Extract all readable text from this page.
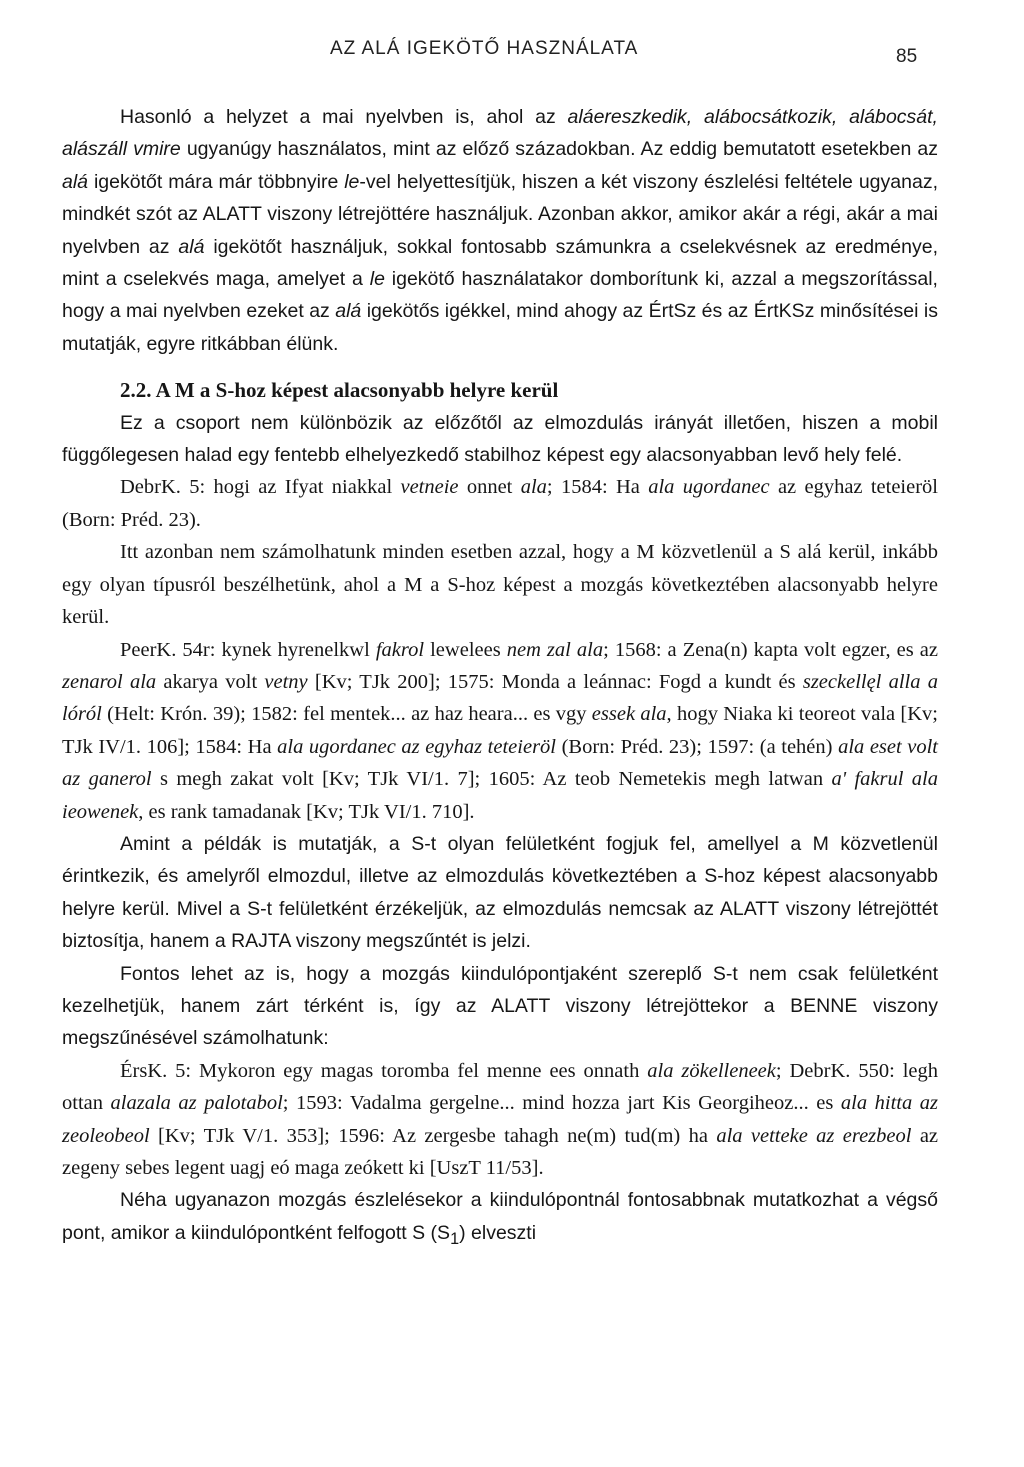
AZ ALÁ IGEKÖTŐ HASZNÁLATA	85

Hasonló a helyzet a mai nyelvben is, ahol az aláereszkedik, alábocsátkozik, alábocsát, alászáll vmire ugyanúgy használatos, mint az előző századokban. Az eddig bemutatott esetekben az alá igekötőt mára már többnyire le-vel helyettesítjük, hiszen a két viszony észlelési feltétele ugyanaz, mindkét szót az ALATT viszony létrejöttére használjuk. Azonban akkor, amikor akár a régi, akár a mai nyelvben az alá igekötőt használjuk, sokkal fontosabb számunkra a cselekvésnek az eredménye, mint a cselekvés maga, amelyet a le igekötő használatakor domborítunk ki, azzal a megszorítással, hogy a mai nyelvben ezeket az alá igekötős igékkel, mind ahogy az ÉrtSz és az ÉrtKSz minősítései is mutatják, egyre ritkábban élünk.

2.2. A M a S-hoz képest alacsonyabb helyre kerül

Ez a csoport nem különbözik az előzőtől az elmozdulás irányát illetően, hiszen a mobil függőlegesen halad egy fentebb elhelyezkedő stabilhoz képest egy alacsonyabban levő hely felé.

DebrK. 5: hogi az Ifyat niakkal vetneie onnet ala; 1584: Ha ala ugordanec az egyhaz teteieröl (Born: Préd. 23).

Itt azonban nem számolhatunk minden esetben azzal, hogy a M közvetlenül a S alá kerül, inkább egy olyan típusról beszélhetünk, ahol a M a S-hoz képest a mozgás következtében alacsonyabb helyre kerül.

PeerK. 54r: kynek hyrenelkwl fakrol lewelees nem zal ala; 1568: a Zena(n) kapta volt egzer, es az zenarol ala akarya volt vetny [Kv; TJk 200]; 1575: Monda a leánnac: Fogd a kundt és szeckellęl alla a lóról (Helt: Krón. 39); 1582: fel mentek... az haz heara... es vgy essek ala, hogy Niaka ki teoreot vala [Kv; TJk IV/1. 106]; 1584: Ha ala ugordanec az egyhaz teteieröl (Born: Préd. 23); 1597: (a tehén) ala eset volt az ganerol s megh zakat volt [Kv; TJk VI/1. 7]; 1605: Az teob Nemetekis megh latwan a' fakrul ala ieowenek, es rank tamadanak [Kv; TJk VI/1. 710].

Amint a példák is mutatják, a S-t olyan felületként fogjuk fel, amellyel a M közvetlenül érintkezik, és amelyről elmozdul, illetve az elmozdulás következtében a S-hoz képest alacsonyabb helyre kerül. Mivel a S-t felületként érzékeljük, az elmozdulás nemcsak az ALATT viszony létrejöttét biztosítja, hanem a RAJTA viszony megszűntét is jelzi.

Fontos lehet az is, hogy a mozgás kiindulópontjaként szereplő S-t nem csak felületként kezelhetjük, hanem zárt térként is, így az ALATT viszony létrejöttekor a BENNE viszony megszűnésével számolhatunk:

ÉrsK. 5: Mykoron egy magas toromba fel menne ees onnath ala zökelleneek; DebrK. 550: legh ottan alazala az palotabol; 1593: Vadalma gergelne... mind hozza jart Kis Georgiheoz... es ala hitta az zeoleobeol [Kv; TJk V/1. 353]; 1596: Az zergesbe tahagh ne(m) tud(m) ha ala vetteke az erezbeol az zegeny sebes legent uagj eó maga zeókett ki [UszT 11/53].

Néha ugyanazon mozgás észlelésekor a kiindulópontnál fontosabbnak mutatkozhat a végső pont, amikor a kiindulópontként felfogott S $(S_1)$ elveszti
